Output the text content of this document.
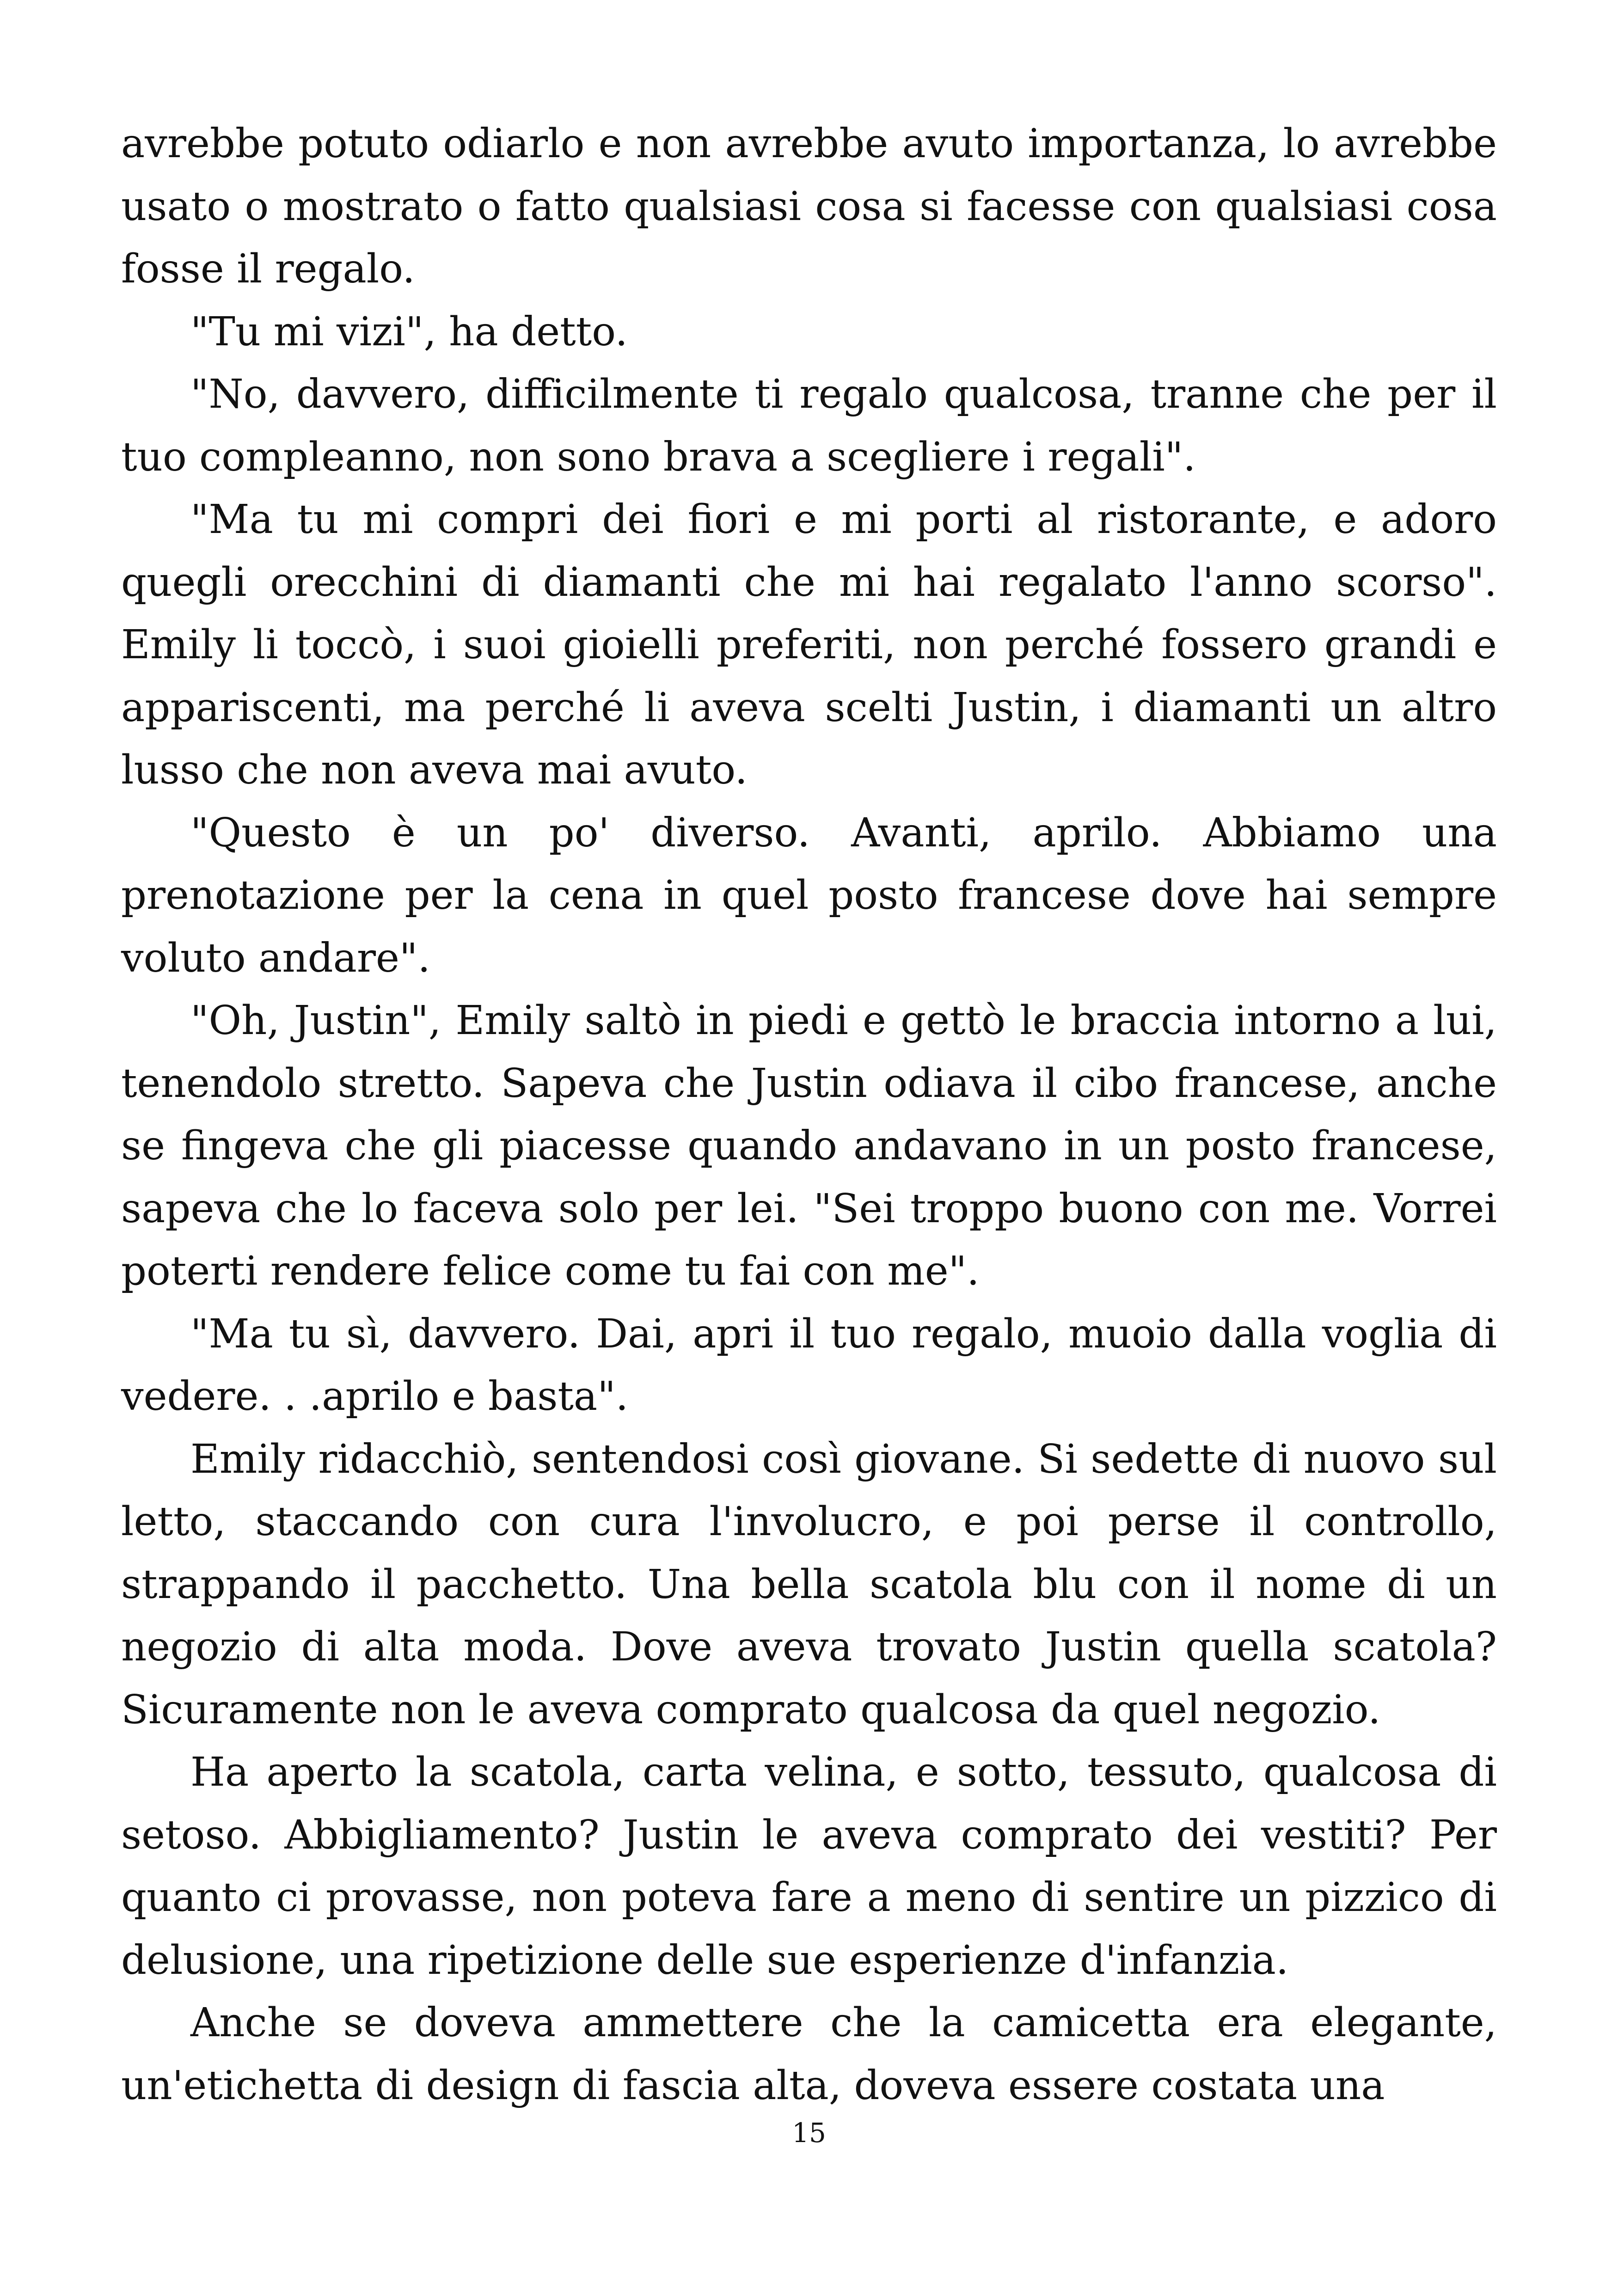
avrebbe potuto odiarlo e non avrebbe avuto importanza, lo avrebbe usato o mostrato o fatto qualsiasi cosa si facesse con qualsiasi cosa fosse il regalo.

"Tu mi vizi", ha detto.

"No, davvero, difficilmente ti regalo qualcosa, tranne che per il tuo compleanno, non sono brava a scegliere i regali".

"Ma tu mi compri dei fiori e mi porti al ristorante, e adoro quegli orecchini di diamanti che mi hai regalato l'anno scorso". Emily li toccò, i suoi gioielli preferiti, non perché fossero grandi e appariscenti, ma perché li aveva scelti Justin, i diamanti un altro lusso che non aveva mai avuto.

"Questo è un po' diverso. Avanti, aprilo. Abbiamo una prenotazione per la cena in quel posto francese dove hai sempre voluto andare".

"Oh, Justin", Emily saltò in piedi e gettò le braccia intorno a lui, tenendolo stretto. Sapeva che Justin odiava il cibo francese, anche se fingeva che gli piacesse quando andavano in un posto francese, sapeva che lo faceva solo per lei. "Sei troppo buono con me. Vorrei poterti rendere felice come tu fai con me".

"Ma tu sì, davvero. Dai, apri il tuo regalo, muoio dalla voglia di vedere. . .aprilo e basta".

Emily ridacchiò, sentendosi così giovane. Si sedette di nuovo sul letto, staccando con cura l'involucro, e poi perse il controllo, strappando il pacchetto. Una bella scatola blu con il nome di un negozio di alta moda. Dove aveva trovato Justin quella scatola? Sicuramente non le aveva comprato qualcosa da quel negozio.

Ha aperto la scatola, carta velina, e sotto, tessuto, qualcosa di setoso. Abbigliamento? Justin le aveva comprato dei vestiti? Per quanto ci provasse, non poteva fare a meno di sentire un pizzico di delusione, una ripetizione delle sue esperienze d'infanzia.

Anche se doveva ammettere che la camicetta era elegante, un'etichetta di design di fascia alta, doveva essere costata una

15
